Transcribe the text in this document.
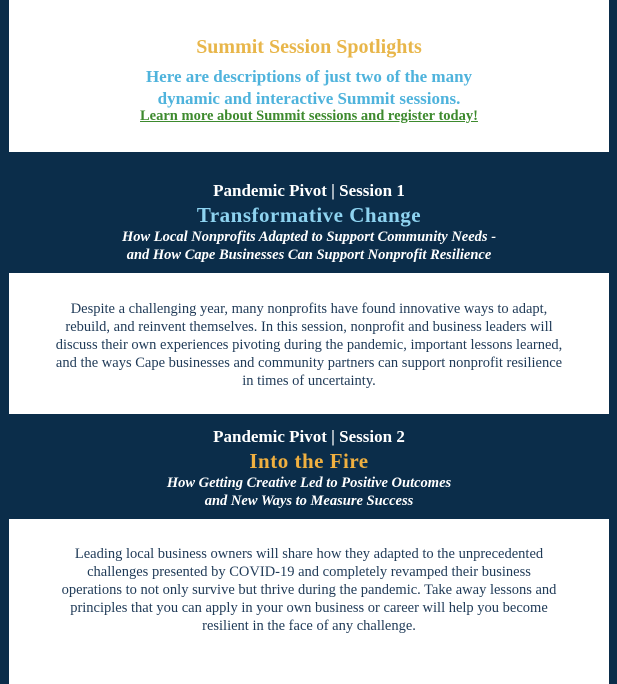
Summit Session Spotlights
Here are descriptions of just two of the many
dynamic and interactive Summit sessions.
Learn more about Summit sessions and register today!
Pandemic Pivot | Session 1
Transformative Change
How Local Nonprofits Adapted to Support Community Needs -
and How Cape Businesses Can Support Nonprofit Resilience
Despite a challenging year, many nonprofits have found innovative ways to adapt,
rebuild, and reinvent themselves. In this session, nonprofit and business leaders will
discuss their own experiences pivoting during the pandemic, important lessons learned,
and the ways Cape businesses and community partners can support nonprofit resilience
in times of uncertainty.
Pandemic Pivot | Session 2
Into the Fire
How Getting Creative Led to Positive Outcomes
and New Ways to Measure Success
Leading local business owners will share how they adapted to the unprecedented
challenges presented by COVID-19 and completely revamped their business
operations to not only survive but thrive during the pandemic. Take away lessons and
principles that you can apply in your own business or career will help you become
resilient in the face of any challenge.
